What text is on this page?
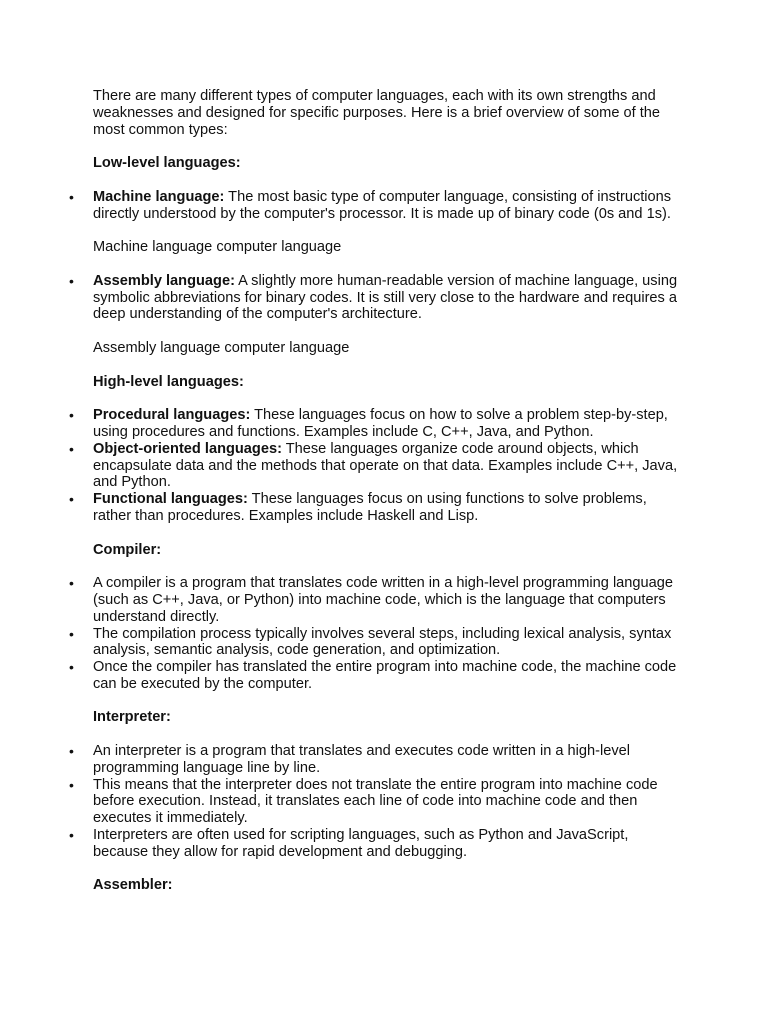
There are many different types of computer languages, each with its own strengths and weaknesses and designed for specific purposes. Here is a brief overview of some of the most common types:

Low-level languages:

• Machine language: The most basic type of computer language, consisting of instructions directly understood by the computer's processor. It is made up of binary code (0s and 1s).

Machine language computer language

• Assembly language: A slightly more human-readable version of machine language, using symbolic abbreviations for binary codes. It is still very close to the hardware and requires a deep understanding of the computer's architecture.

Assembly language computer language

High-level languages:

• Procedural languages: These languages focus on how to solve a problem step-by-step, using procedures and functions. Examples include C, C++, Java, and Python.
• Object-oriented languages: These languages organize code around objects, which encapsulate data and the methods that operate on that data. Examples include C++, Java, and Python.
• Functional languages: These languages focus on using functions to solve problems, rather than procedures. Examples include Haskell and Lisp.

Compiler:

• A compiler is a program that translates code written in a high-level programming language (such as C++, Java, or Python) into machine code, which is the language that computers understand directly.
• The compilation process typically involves several steps, including lexical analysis, syntax analysis, semantic analysis, code generation, and optimization.
• Once the compiler has translated the entire program into machine code, the machine code can be executed by the computer.

Interpreter:

• An interpreter is a program that translates and executes code written in a high-level programming language line by line.
• This means that the interpreter does not translate the entire program into machine code before execution. Instead, it translates each line of code into machine code and then executes it immediately.
• Interpreters are often used for scripting languages, such as Python and JavaScript, because they allow for rapid development and debugging.

Assembler:
